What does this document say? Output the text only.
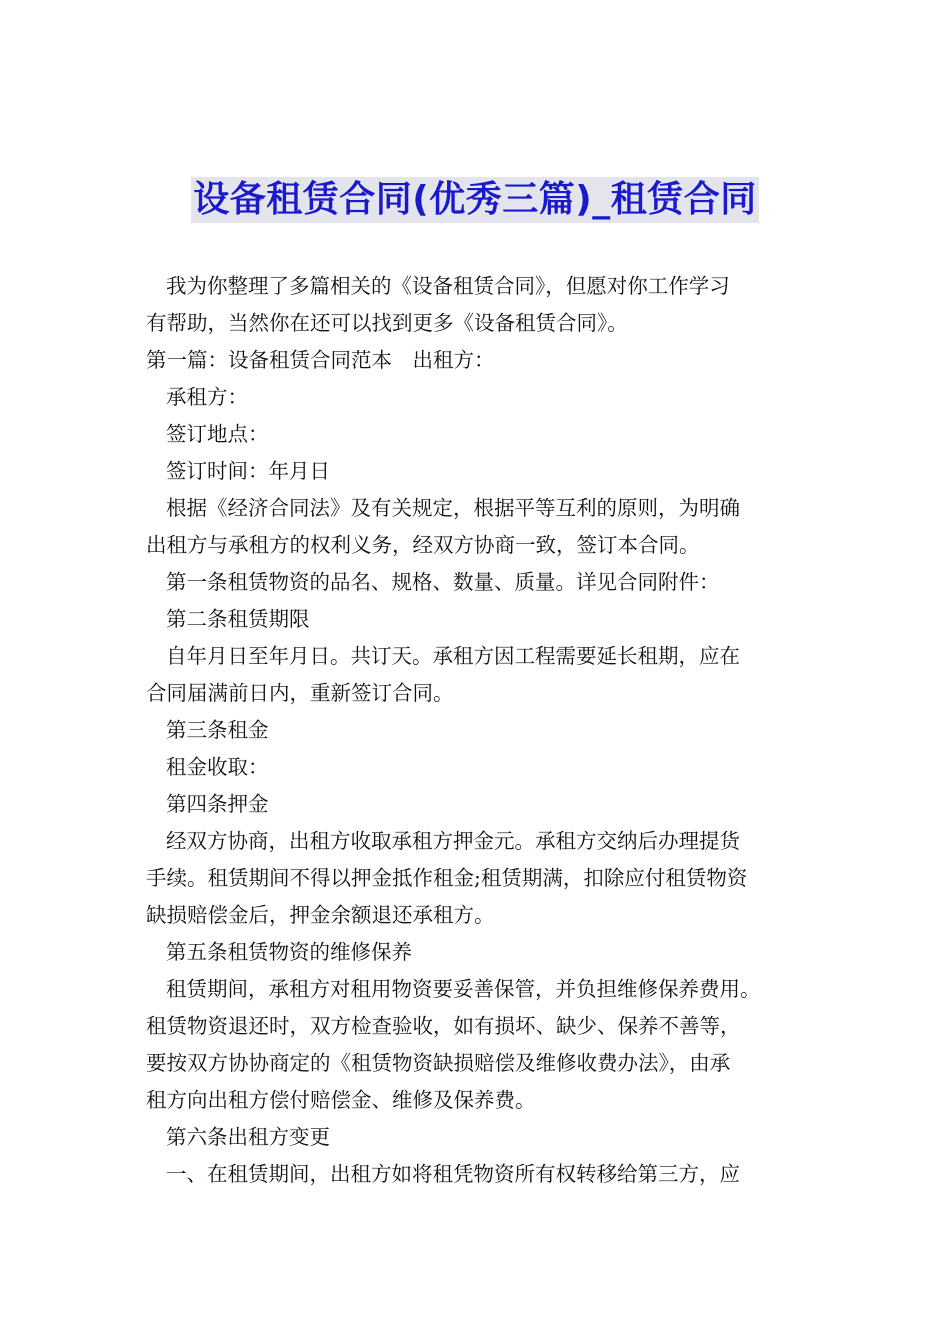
设备租赁合同(优秀三篇)_租赁合同

我为你整理了多篇相关的《设备租赁合同》，但愿对你工作学习

有帮助，当然你在还可以找到更多《设备租赁合同》。

第一篇：设备租赁合同范本　出租方：

承租方：

签订地点：

签订时间：年月日

根据《经济合同法》及有关规定，根据平等互利的原则，为明确

出租方与承租方的权利义务，经双方协商一致，签订本合同。

第一条租赁物资的品名、规格、数量、质量。详见合同附件：

第二条租赁期限

自年月日至年月日。共订天。承租方因工程需要延长租期，应在

合同届满前日内，重新签订合同。

第三条租金

租金收取：

第四条押金

经双方协商，出租方收取承租方押金元。承租方交纳后办理提货

手续。租赁期间不得以押金抵作租金;租赁期满，扣除应付租赁物资

缺损赔偿金后，押金余额退还承租方。

第五条租赁物资的维修保养

租赁期间，承租方对租用物资要妥善保管，并负担维修保养费用。

租赁物资退还时，双方检查验收，如有损坏、缺少、保养不善等，

要按双方协协商定的《租赁物资缺损赔偿及维修收费办法》，由承

租方向出租方偿付赔偿金、维修及保养费。

第六条出租方变更

一、在租赁期间，出租方如将租凭物资所有权转移给第三方，应
